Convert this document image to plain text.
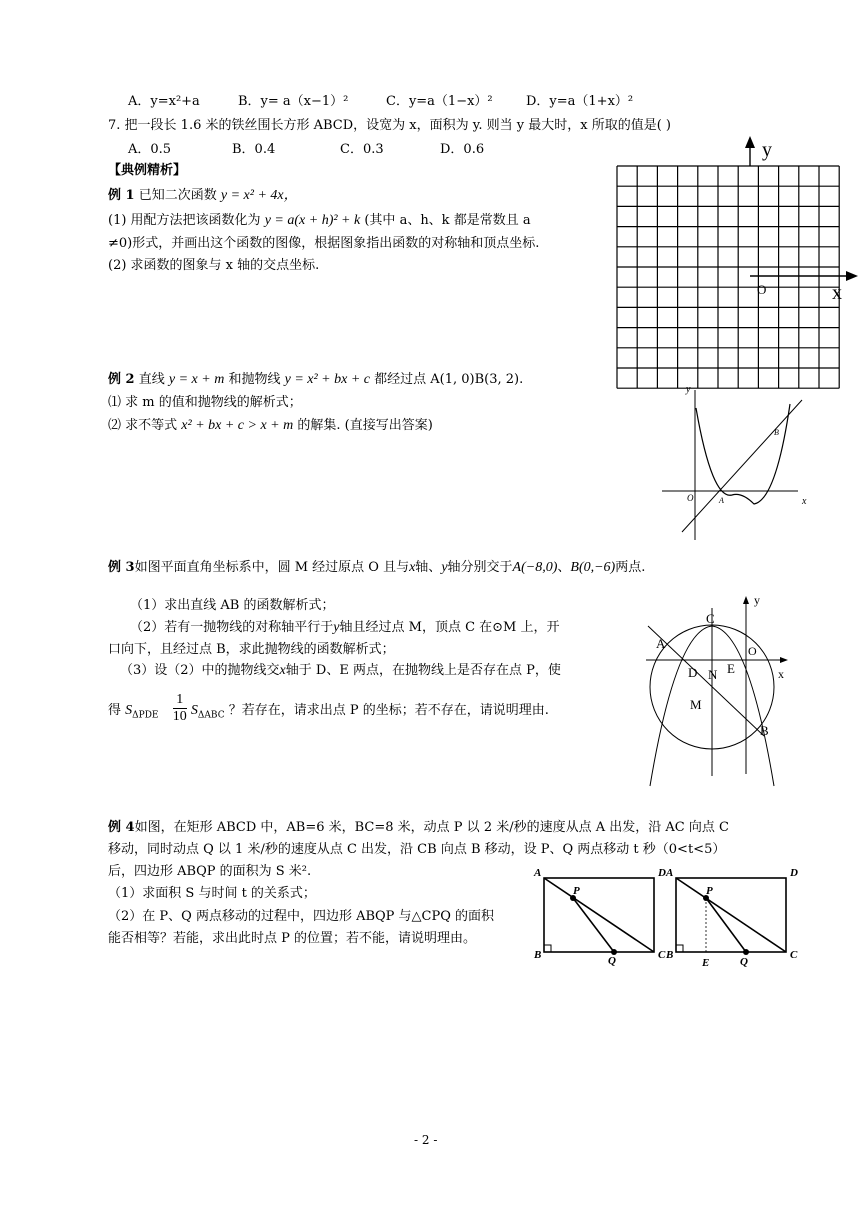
A．y=x²+a	B．y= a（x−1）²	C．y=a（1−x）²	D．y=a（1+x）²
7. 把一段长 1.6 米的铁丝围长方形 ABCD，设宽为 x，面积为 y. 则当 y 最大时，x 所取的值是( )
A．0.5	B．0.4	C．0.3	D．0.6
【典例精析】
例 1 已知二次函数 y = x² + 4x，
(1) 用配方法把该函数化为 y = a(x + h)² + k (其中 a、h、k 都是常数且 a
≠0)形式，并画出这个函数的图像，根据图象指出函数的对称轴和顶点坐标.
(2) 求函数的图象与 x 轴的交点坐标.
y
x
O
例 2 直线 y = x + m 和抛物线 y = x² + bx + c 都经过点 A(1, 0)B(3, 2).
⑴ 求 m 的值和抛物线的解析式；
⑵ 求不等式 x² + bx + c > x + m 的解集. (直接写出答案)
y
x
O	A
B
例 3如图平面直角坐标系中，圆 M 经过原点 O 且与x轴、y轴分别交于A(−8,0)、B(0,−6)两点.
（1）求出直线 AB 的函数解析式；
（2）若有一抛物线的对称轴平行于y轴且经过点 M，顶点 C 在⊙M 上，开
口向下，且经过点 B，求此抛物线的函数解析式；
（3）设（2）中的抛物线交x轴于 D、E 两点，在抛物线上是否存在点 P，使
得 $S_{\Delta PDE} \frac{1}{10} S_{\Delta ABC}$ ？若存在，请求出点 P 的坐标；若不存在，请说明理由.
y
x
O
A
B
C
D E
N
M
例 4如图，在矩形 ABCD 中，AB=6 米，BC=8 米，动点 P 以 2 米/秒的速度从点 A 出发，沿 AC 向点 C
移动，同时动点 Q 以 1 米/秒的速度从点 C 出发，沿 CB 向点 B 移动，设 P、Q 两点移动 t 秒（0<t<5）
后，四边形 ABQP 的面积为 S 米².
（1）求面积 S 与时间 t 的关系式；
（2）在 P、Q 两点移动的过程中，四边形 ABQP 与△CPQ 的面积
能否相等？若能，求出此时点 P 的位置；若不能，请说明理由。
A	D
B	C
P
Q
A	D
B	C
P
Q
E
- 2 -
